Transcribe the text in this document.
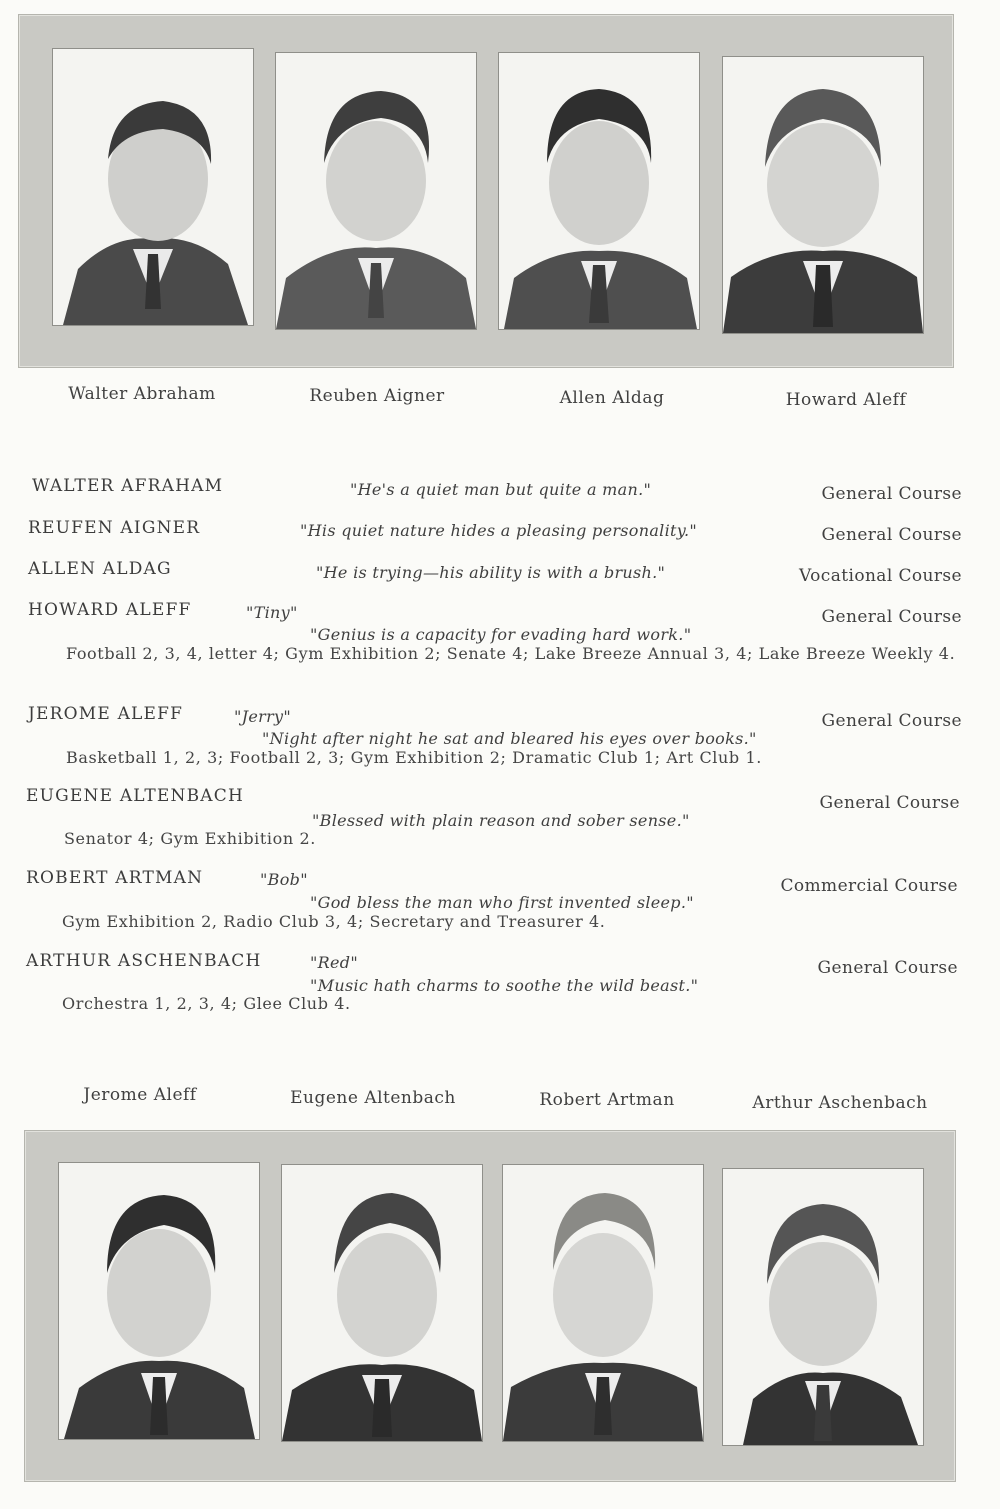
Walter Abraham	Reuben Aigner	Allen Aldag	Howard Aleff
WALTER AFRAHAM	"He's a quiet man but quite a man."	General Course
REUFEN AIGNER	"His quiet nature hides a pleasing personality."	General Course
ALLEN ALDAG	"He is trying—his ability is with a brush."	Vocational Course
HOWARD ALEFF	"Tiny"	General Course
"Genius is a capacity for evading hard work."
Football 2, 3, 4, letter 4; Gym Exhibition 2; Senate 4; Lake Breeze Annual 3, 4; Lake Breeze Weekly 4.
JEROME ALEFF	"Jerry"	General Course
"Night after night he sat and bleared his eyes over books."
Basketball 1, 2, 3; Football 2, 3; Gym Exhibition 2; Dramatic Club 1; Art Club 1.
EUGENE ALTENBACH	General Course
"Blessed with plain reason and sober sense."
Senator 4; Gym Exhibition 2.
ROBERT ARTMAN	"Bob"	Commercial Course
"God bless the man who first invented sleep."
Gym Exhibition 2, Radio Club 3, 4; Secretary and Treasurer 4.
ARTHUR ASCHENBACH	"Red"	General Course
"Music hath charms to soothe the wild beast."
Orchestra 1, 2, 3, 4; Glee Club 4.
Jerome Aleff	Eugene Altenbach	Robert Artman	Arthur Aschenbach
